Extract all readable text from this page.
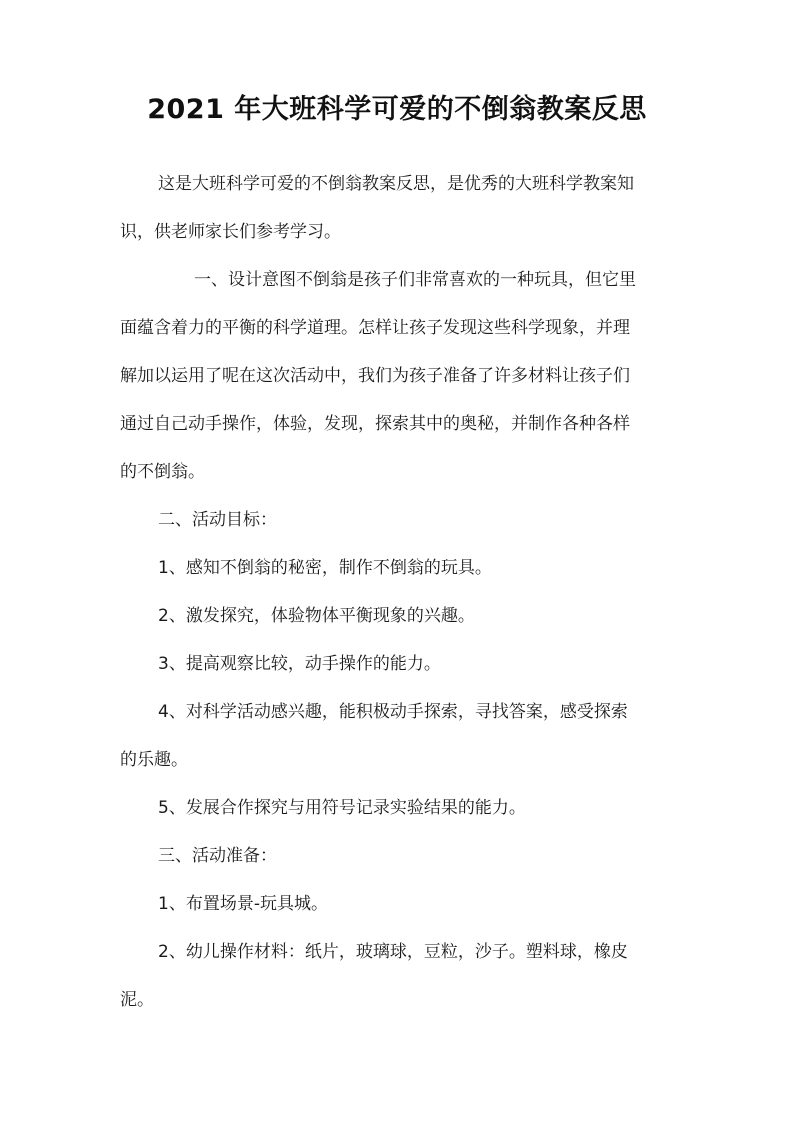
2021 年大班科学可爱的不倒翁教案反思
这是大班科学可爱的不倒翁教案反思，是优秀的大班科学教案知
识，供老师家长们参考学习。
一、设计意图不倒翁是孩子们非常喜欢的一种玩具，但它里
面蕴含着力的平衡的科学道理。怎样让孩子发现这些科学现象，并理
解加以运用了呢在这次活动中，我们为孩子准备了许多材料让孩子们
通过自己动手操作，体验，发现，探索其中的奥秘，并制作各种各样
的不倒翁。
二、活动目标：
1、感知不倒翁的秘密，制作不倒翁的玩具。
2、激发探究，体验物体平衡现象的兴趣。
3、提高观察比较，动手操作的能力。
4、对科学活动感兴趣，能积极动手探索，寻找答案，感受探索
的乐趣。
5、发展合作探究与用符号记录实验结果的能力。
三、活动准备：
1、布置场景-玩具城。
2、幼儿操作材料：纸片，玻璃球，豆粒，沙子。塑料球，橡皮
泥。
